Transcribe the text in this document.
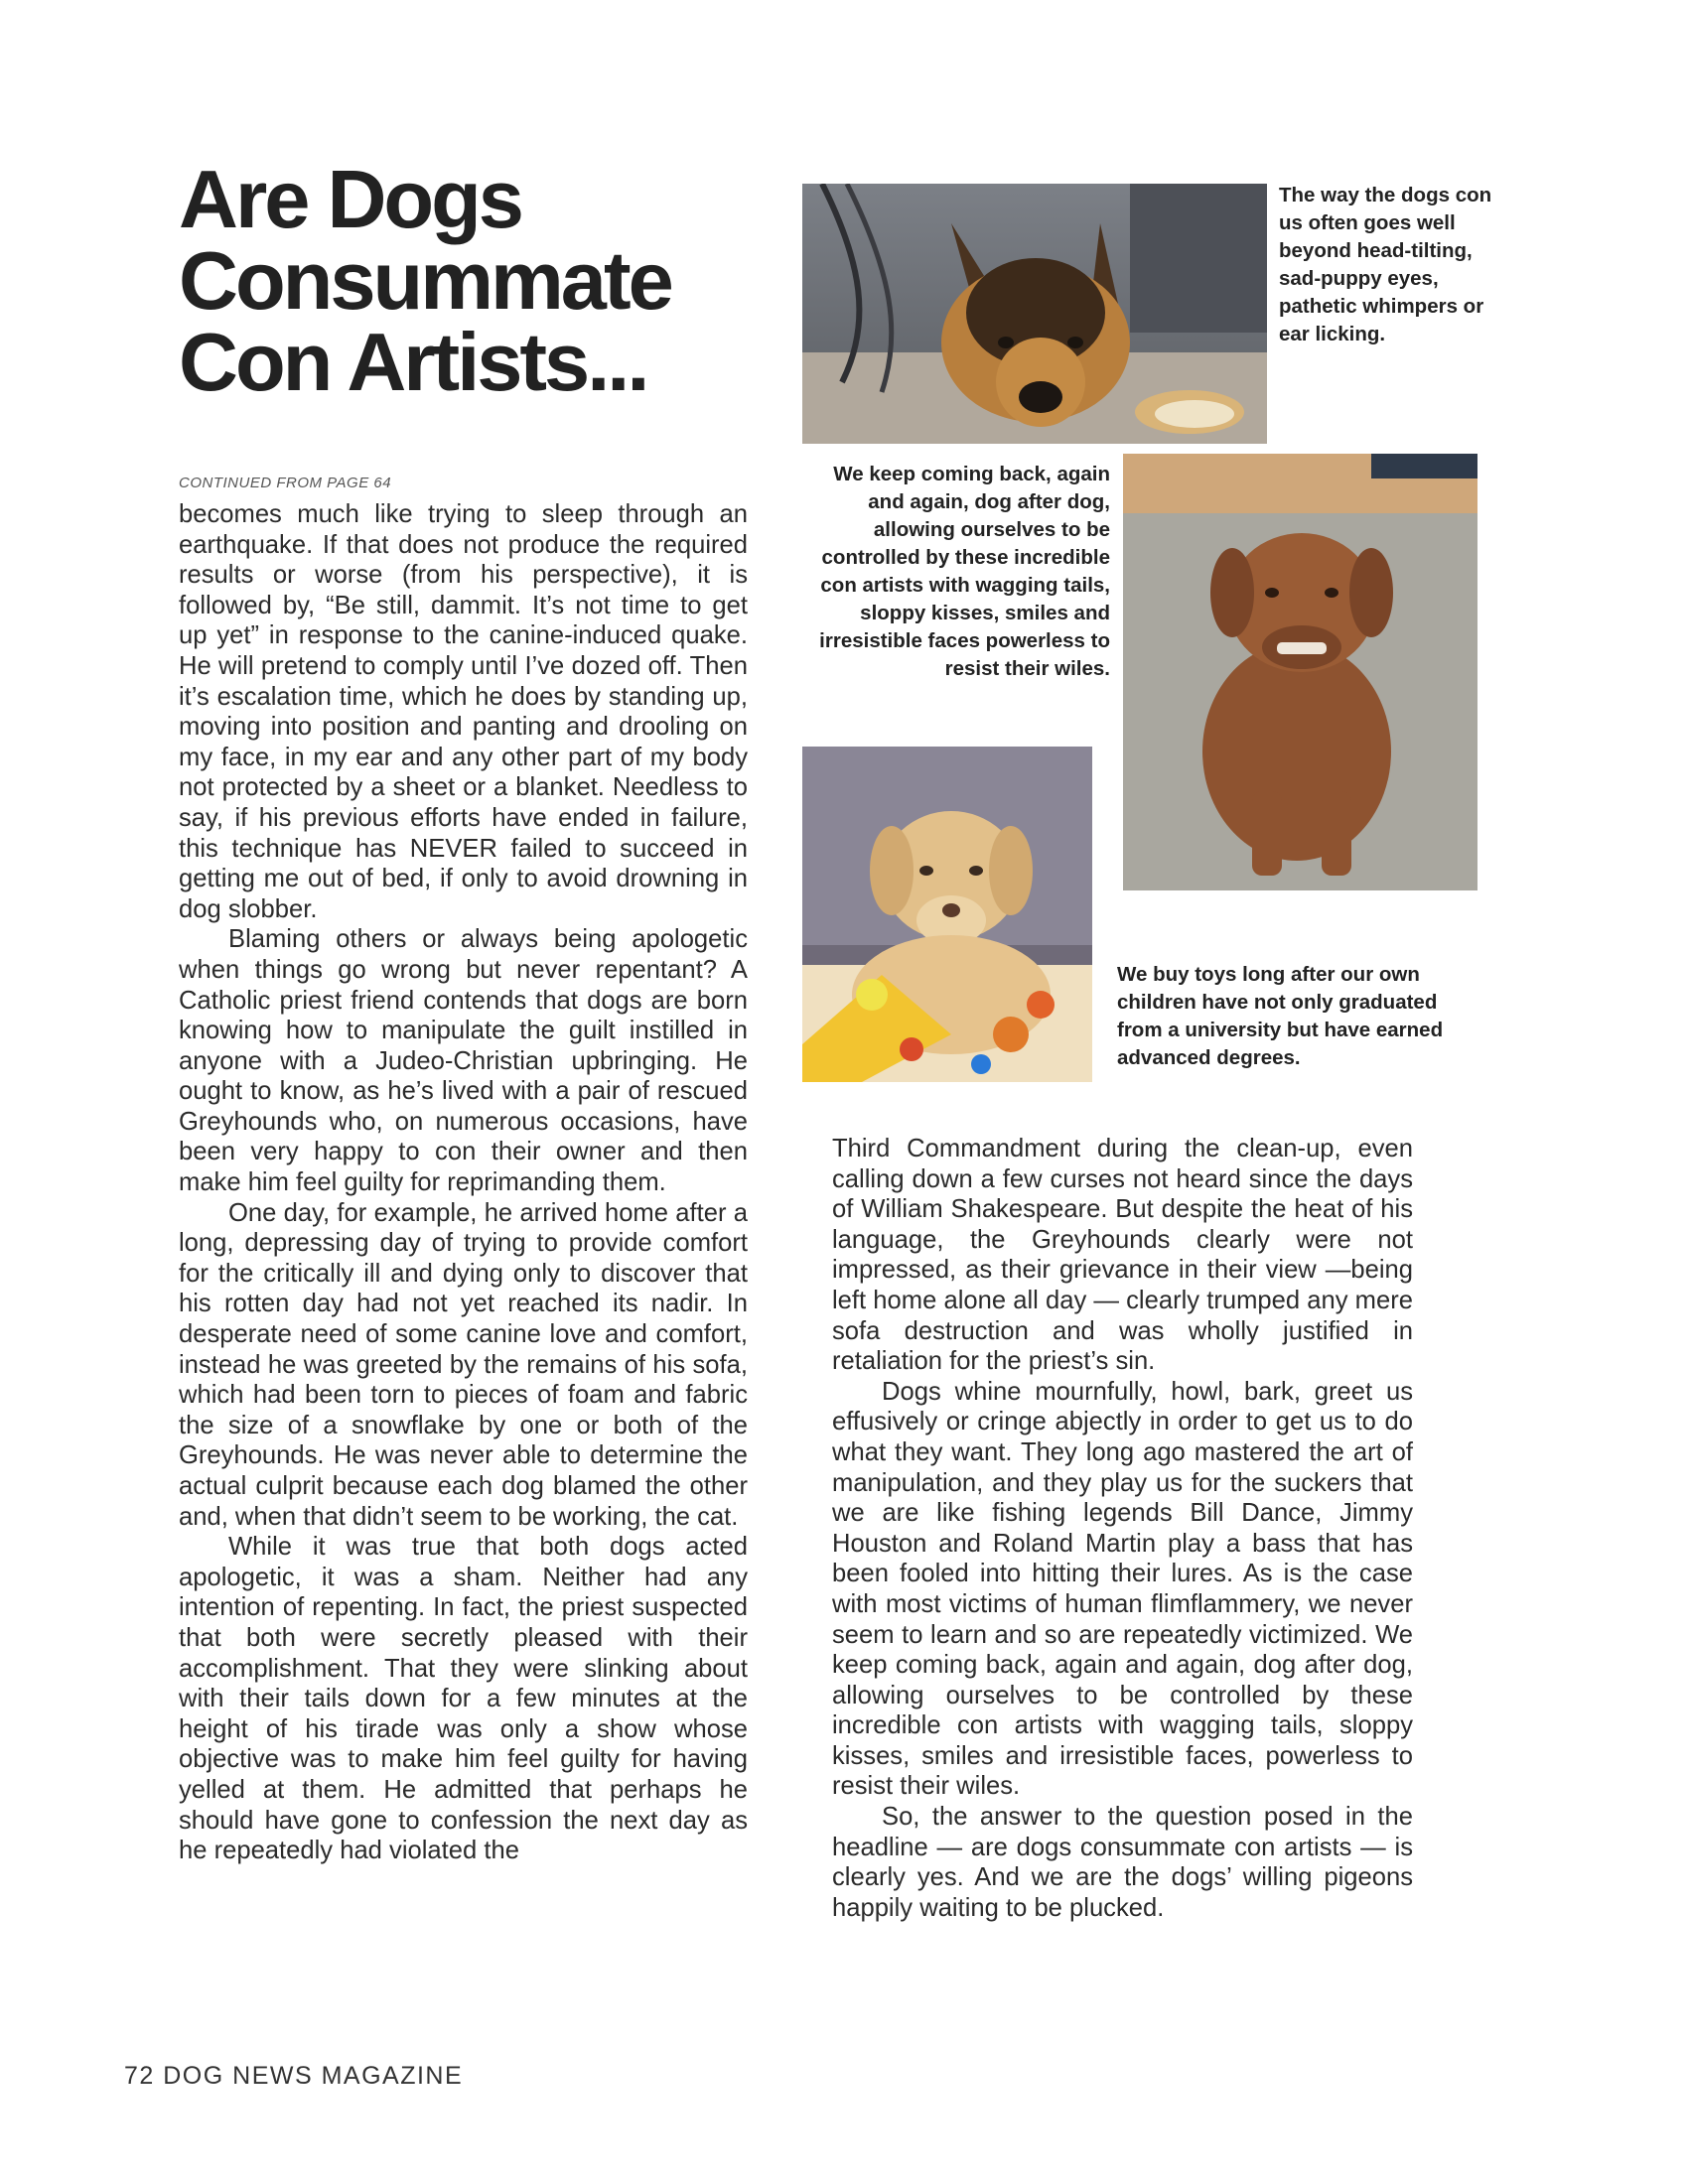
Are Dogs
Consummate
Con Artists...
CONTINUED FROM PAGE 64

becomes much like trying to sleep through an earthquake. If that does not produce the required results or worse (from his perspective), it is followed by, “Be still, dammit. It’s not time to get up yet” in response to the canine-induced quake. He will pretend to comply until I’ve dozed off. Then it’s escalation time, which he does by standing up, moving into position and panting and drooling on my face, in my ear and any other part of my body not protected by a sheet or a blanket. Needless to say, if his previous efforts have ended in failure, this technique has NEVER failed to succeed in getting me out of bed, if only to avoid drowning in dog slobber.

Blaming others or always being apologetic when things go wrong but never repentant? A Catholic priest friend contends that dogs are born knowing how to manipulate the guilt instilled in anyone with a Judeo-Christian upbringing. He ought to know, as he’s lived with a pair of rescued Greyhounds who, on numerous occasions, have been very happy to con their owner and then make him feel guilty for reprimanding them.

One day, for example, he arrived home after a long, depressing day of trying to provide comfort for the critically ill and dying only to discover that his rotten day had not yet reached its nadir. In desperate need of some canine love and comfort, instead he was greeted by the remains of his sofa, which had been torn to pieces of foam and fabric the size of a snowflake by one or both of the Greyhounds. He was never able to determine the actual culprit because each dog blamed the other and, when that didn’t seem to be working, the cat.

While it was true that both dogs acted apologetic, it was a sham. Neither had any intention of repenting. In fact, the priest suspected that both were secretly pleased with their accomplishment. That they were slinking about with their tails down for a few minutes at the height of his tirade was only a show whose objective was to make him feel guilty for having yelled at them. He admitted that perhaps he should have gone to confession the next day as he repeatedly had violated the

Third Commandment during the clean-up, even calling down a few curses not heard since the days of William Shakespeare. But despite the heat of his language, the Greyhounds clearly were not impressed, as their grievance in their view —being left home alone all day — clearly trumped any mere sofa destruction and was wholly justified in retaliation for the priest’s sin.

Dogs whine mournfully, howl, bark, greet us effusively or cringe abjectly in order to get us to do what they want. They long ago mastered the art of manipulation, and they play us for the suckers that we are like fishing legends Bill Dance, Jimmy Houston and Roland Martin play a bass that has been fooled into hitting their lures. As is the case with most victims of human flimflammery, we never seem to learn and so are repeatedly victimized. We keep coming back, again and again, dog after dog, allowing ourselves to be controlled by these incredible con artists with wagging tails, sloppy kisses, smiles and irresistible faces, powerless to resist their wiles.

So, the answer to the question posed in the headline — are dogs consummate con artists — is clearly yes. And we are the dogs’ willing pigeons happily waiting to be plucked.

The way the dogs con us often goes well beyond head-tilting, sad-puppy eyes, pathetic whimpers or ear licking.
We keep coming back, again and again, dog after dog, allowing ourselves to be controlled by these incredible con artists with wagging tails, sloppy kisses, smiles and irresistible faces powerless to resist their wiles.
We buy toys long after our own children have not only graduated from a university but have earned advanced degrees.
72 DOG NEWS MAGAZINE
